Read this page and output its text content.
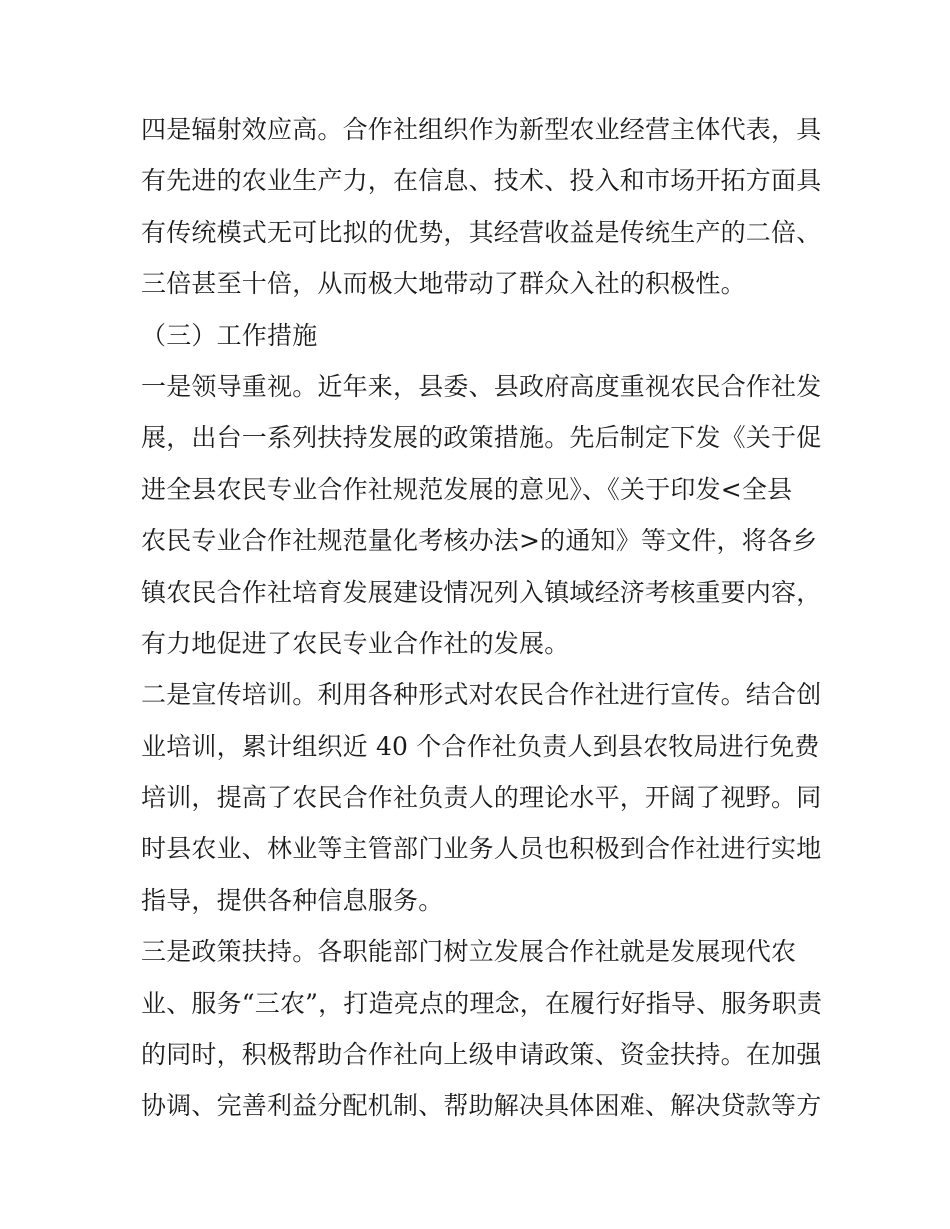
四是辐射效应高。合作社组织作为新型农业经营主体代表，具
有先进的农业生产力，在信息、技术、投入和市场开拓方面具
有传统模式无可比拟的优势，其经营收益是传统生产的二倍、
三倍甚至十倍，从而极大地带动了群众入社的积极性。
（三）工作措施
一是领导重视。近年来，县委、县政府高度重视农民合作社发
展，出台一系列扶持发展的政策措施。先后制定下发《关于促
进全县农民专业合作社规范发展的意见》、《关于印发<全县
农民专业合作社规范量化考核办法>的通知》等文件，将各乡
镇农民合作社培育发展建设情况列入镇域经济考核重要内容，
有力地促进了农民专业合作社的发展。
二是宣传培训。利用各种形式对农民合作社进行宣传。结合创
业培训，累计组织近 40 个合作社负责人到县农牧局进行免费
培训，提高了农民合作社负责人的理论水平，开阔了视野。同
时县农业、林业等主管部门业务人员也积极到合作社进行实地
指导，提供各种信息服务。
三是政策扶持。各职能部门树立发展合作社就是发展现代农
业、服务“三农”，打造亮点的理念，在履行好指导、服务职责
的同时，积极帮助合作社向上级申请政策、资金扶持。在加强
协调、完善利益分配机制、帮助解决具体困难、解决贷款等方
